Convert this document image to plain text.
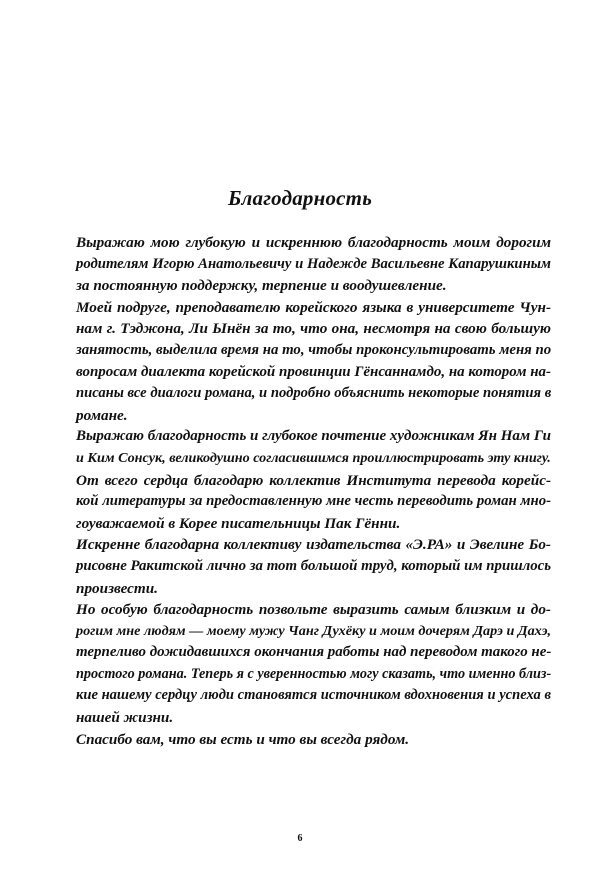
Благодарность
Выражаю мою глубокую и искреннюю благодарность моим дорогим
родителям Игорю Анатольевичу и Надежде Васильевне Капарушкиным
за постоянную поддержку, терпение и воодушевление.
Моей подруге, преподавателю корейского языка в университете Чун-
нам г. Тэджона, Ли Ынён за то, что она, несмотря на свою большую
занятость, выделила время на то, чтобы проконсультировать меня по
вопросам диалекта корейской провинции Гёнсаннамдо, на котором на-
писаны все диалоги романа, и подробно объяснить некоторые понятия в
романе.
Выражаю благодарность и глубокое почтение художникам Ян Нам Ги
и Ким Сонсук, великодушно согласившимся проиллюстрировать эту книгу.
От всего сердца благодарю коллектив Института перевода корейс-
кой литературы за предоставленную мне честь переводить роман мно-
гоуважаемой в Корее писательницы Пак Гённи.
Искренне благодарна коллективу издательства «Э.РА» и Эвелине Бо-
рисовне Ракитской лично за тот большой труд, который им пришлось
произвести.
Но особую благодарность позвольте выразить самым близким и до-
рогим мне людям — моему мужу Чанг Духёку и моим дочерям Дарэ и Дахэ,
терпеливо дожидавшихся окончания работы над переводом такого не-
простого романа. Теперь я с уверенностью могу сказать, что именно близ-
кие нашему сердцу люди становятся источником вдохновения и успеха в
нашей жизни.
Спасибо вам, что вы есть и что вы всегда рядом.
6
